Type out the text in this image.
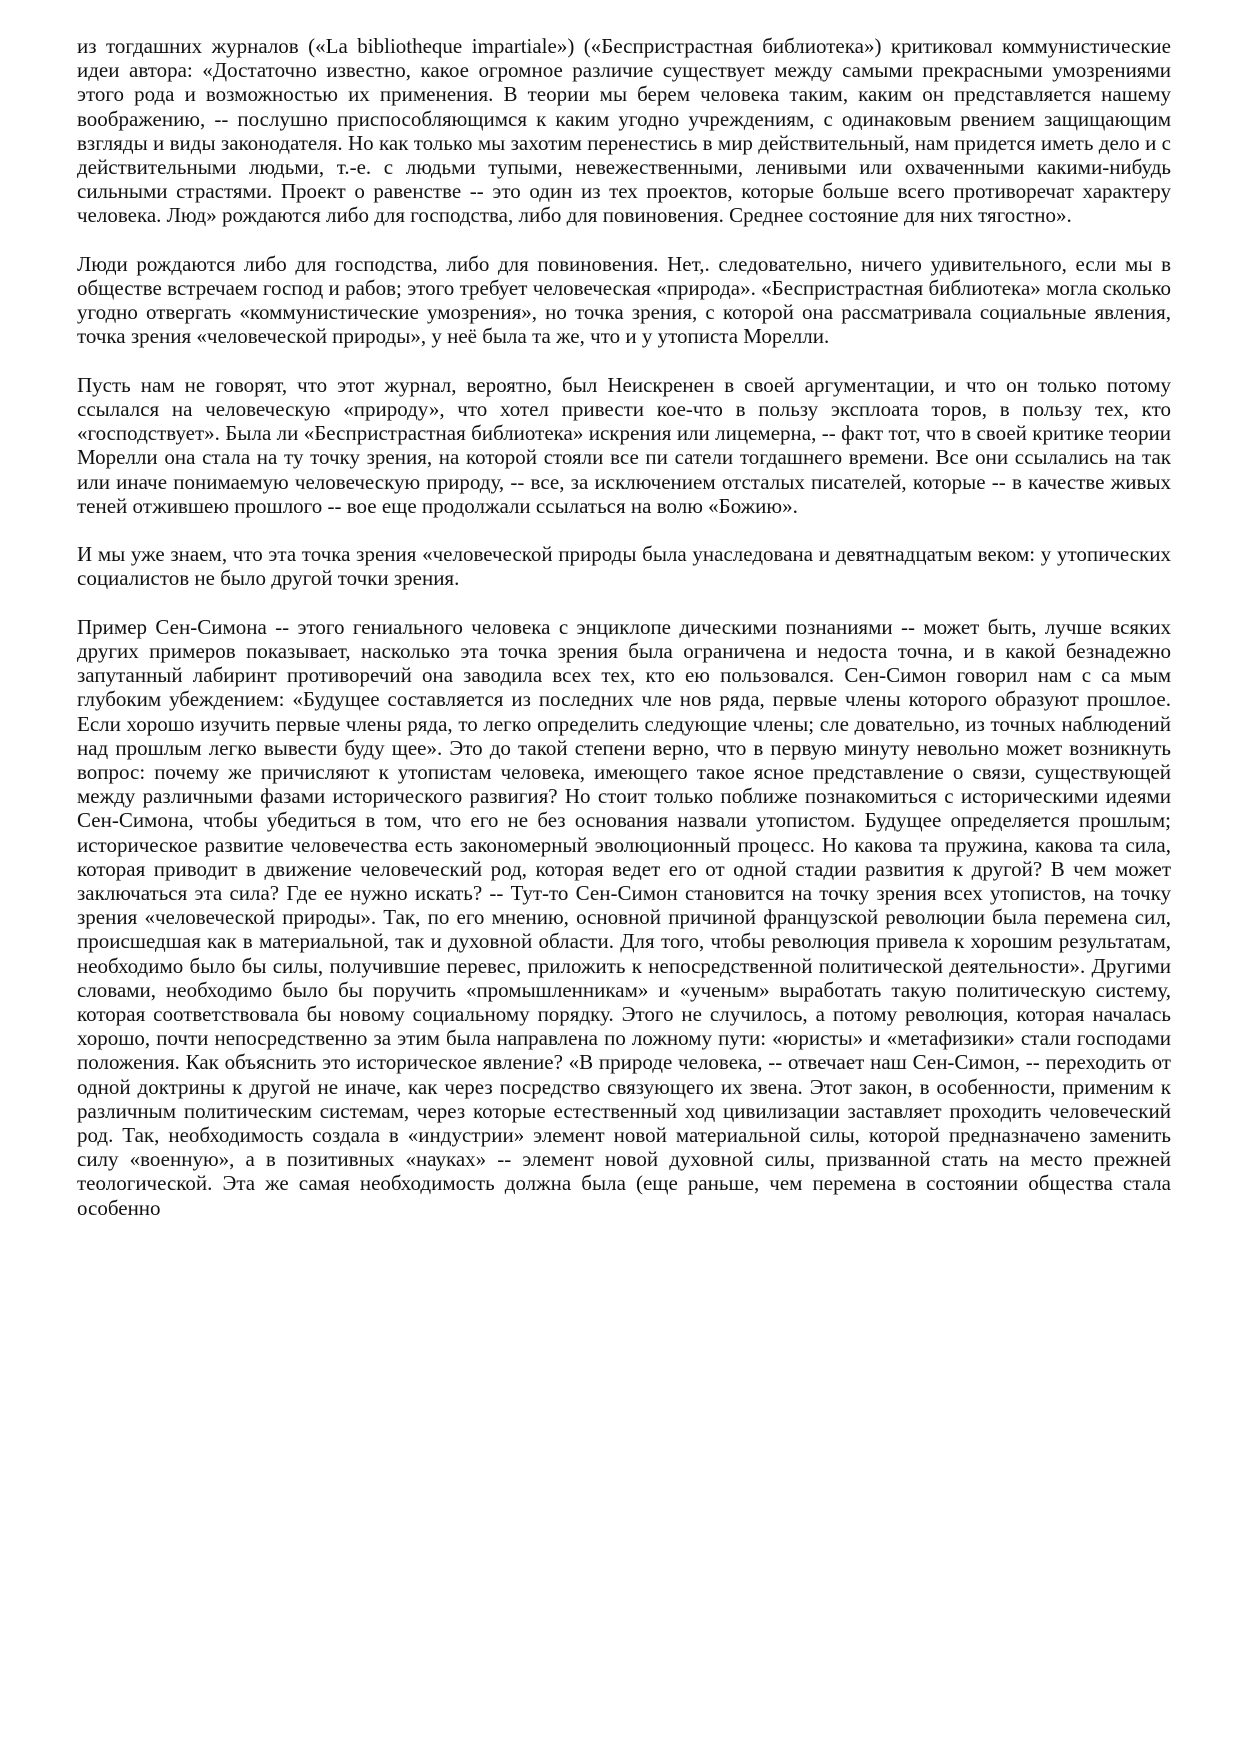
из тогдашних журналов («La bibliotheque impartiale») («Беспристрастная библиотека») критиковал коммунистические идеи автора: «Достаточно известно, какое огромное различие существует между самыми прекрасными умозрениями этого рода и возможностью их применения. В теории мы берем человека таким, каким он представляется нашему воображению, -- послушно приспособляющимся к каким угодно учреждениям, с одинаковым рвением защищающим взгляды и виды законодателя. Но как только мы захотим перенестись в мир действительный, нам придется иметь дело и с действительными людьми, т.-е. с людьми тупыми, невежественными, ленивыми или охваченными какими-нибудь сильными страстями. Проект о равенстве -- это один из тех проектов, которые больше всего противоречат характеру человека. Люд» рождаются либо для господства, либо для повиновения. Среднее состояние для них тягостно».

Люди рождаются либо для господства, либо для повиновения. Нет,. следовательно, ничего удивительного, если мы в обществе встречаем господ и рабов; этого требует человеческая «природа». «Беспристрастная библиотека» могла сколько угодно отвергать «коммунистические умозрения», но точка зрения, с которой она рассматривала социальные явления, точка зрения «человеческой природы», у неё была та же, что и у утописта Морелли.

Пусть нам не говорят, что этот журнал, вероятно, был Неискренен в своей аргументации, и что он только потому ссылался на человеческую «природу», что хотел привести кое-что в пользу эксплоата торов, в пользу тех, кто «господствует». Была ли «Беспристрастная библиотека» искрения или лицемерна, -- факт тот, что в своей критике теории Морелли она стала на ту точку зрения, на которой стояли все пи сатели тогдашнего времени. Все они ссылались на так или иначе понимаемую человеческую природу, -- все, за исключением отсталых писателей, которые -- в качестве живых теней отжившею прошлого -- вое еще продолжали ссылаться на волю «Божию».

И мы уже знаем, что эта точка зрения «человеческой природы была унаследована и девятнадцатым веком: у утопических социалистов не было другой точки зрения.

Пример Сен-Симона -- этого гениального человека с энциклопе дическими познаниями -- может быть, лучше всяких других примеров показывает, насколько эта точка зрения была ограничена и недоста точна, и в какой безнадежно запутанный лабиринт противоречий она заводила всех тех, кто ею пользовался. Сен-Симон говорил нам с са мым глубоким убеждением: «Будущее составляется из последних чле нов ряда, первые члены которого образуют прошлое. Если хорошо изучить первые члены ряда, то легко определить следующие члены; сле довательно, из точных наблюдений над прошлым легко вывести буду щее». Это до такой степени верно, что в первую минуту невольно может возникнуть вопрос: почему же причисляют к утопистам человека, имеющего такое ясное представление о связи, существующей между различными фазами исторического развигия? Но стоит только поближе познакомиться с историческими идеями Сен-Симона, чтобы убедиться в том, что его не без основания назвали утопистом. Будущее определяется прошлым; историческое развитие человечества есть закономерный эволюционный процесс. Но какова та пружина, какова та сила, которая приводит в движение человеческий род, которая ведет его от одной стадии развития к другой? В чем может заключаться эта сила? Где ее нужно искать? -- Тут-то Сен-Симон становится на точку зрения всех утопистов, на точку зрения «человеческой природы». Так, по его мнению, основной причиной французской революции была перемена сил, происшедшая как в материальной, так и духовной области. Для того, чтобы революция привела к хорошим результатам, необходимо было бы силы, получившие перевес, приложить к непосредственной политической деятельности». Другими словами, необходимо было бы поручить «промышленникам» и «ученым» выработать такую политическую систему, которая соответствовала бы новому социальному порядку. Этого не случилось, а потому революция, которая началась хорошо, почти непосредственно за этим была направлена по ложному пути: «юристы» и «метафизики» стали господами положения. Как объяснить это историческое явление? «В природе человека, -- отвечает наш Сен-Симон, -- переходить от одной доктрины к другой не иначе, как через посредство связующего их звена. Этот закон, в особенности, применим к различным политическим системам, через которые естественный ход цивилизации заставляет проходить человеческий род. Так, необходимость создала в «индустрии» элемент новой материальной силы, которой предназначено заменить силу «военную», а в позитивных «науках» -- элемент новой духовной силы, призванной стать на место прежней теологической. Эта же самая необходимость должна была (еще раньше, чем перемена в состоянии общества стала особенно
